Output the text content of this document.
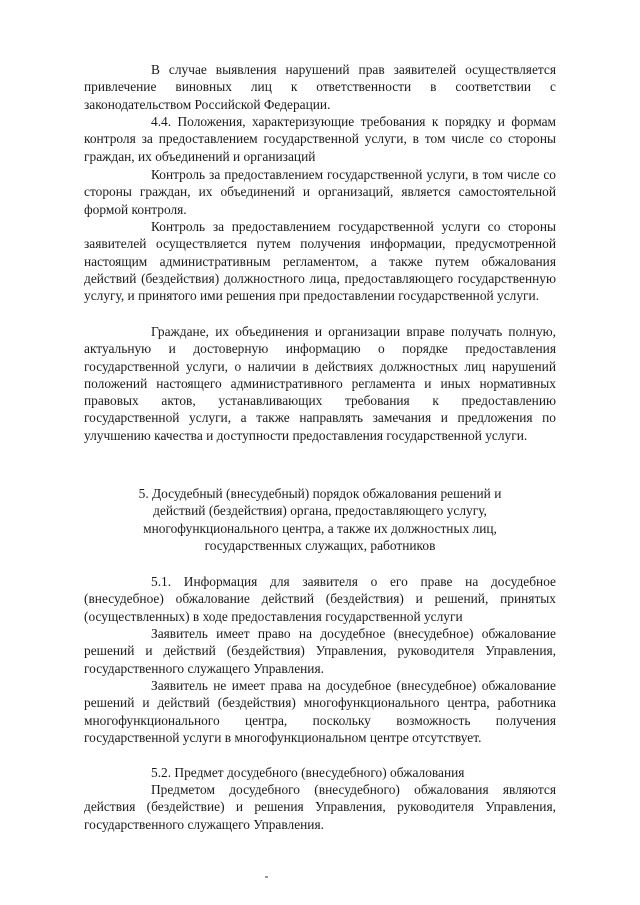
В случае выявления нарушений прав заявителей осуществляется привлечение виновных лиц к ответственности в соответствии с законодательством Российской Федерации.

4.4. Положения, характеризующие требования к порядку и формам контроля за предоставлением государственной услуги, в том числе со стороны граждан, их объединений и организаций

Контроль за предоставлением государственной услуги, в том числе со стороны граждан, их объединений и организаций, является самостоятельной формой контроля.

Контроль за предоставлением государственной услуги со стороны заявителей осуществляется путем получения информации, предусмотренной настоящим административным регламентом, а также путем обжалования действий (бездействия) должностного лица, предоставляющего государственную услугу, и принятого ими решения при предоставлении государственной услуги.

Граждане, их объединения и организации вправе получать полную, актуальную и достоверную информацию о порядке предоставления государственной услуги, о наличии в действиях должностных лиц нарушений положений настоящего административного регламента и иных нормативных правовых актов, устанавливающих требования к предоставлению государственной услуги, а также направлять замечания и предложения по улучшению качества и доступности предоставления государственной услуги.

5. Досудебный (внесудебный) порядок обжалования решений и
действий (бездействия) органа, предоставляющего услугу,
многофункционального центра, а также их должностных лиц,
государственных служащих, работников

5.1. Информация для заявителя о его праве на досудебное (внесудебное) обжалование действий (бездействия) и решений, принятых (осуществленных) в ходе предоставления государственной услуги

Заявитель имеет право на досудебное (внесудебное) обжалование решений и действий (бездействия) Управления, руководителя Управления, государственного служащего Управления.

Заявитель не имеет права на досудебное (внесудебное) обжалование решений и действий (бездействия) многофункционального центра, работника многофункционального центра, поскольку возможность получения государственной услуги в многофункциональном центре отсутствует.

5.2. Предмет досудебного (внесудебного) обжалования

Предметом досудебного (внесудебного) обжалования являются действия (бездействие) и решения Управления, руководителя Управления, государственного служащего Управления.
